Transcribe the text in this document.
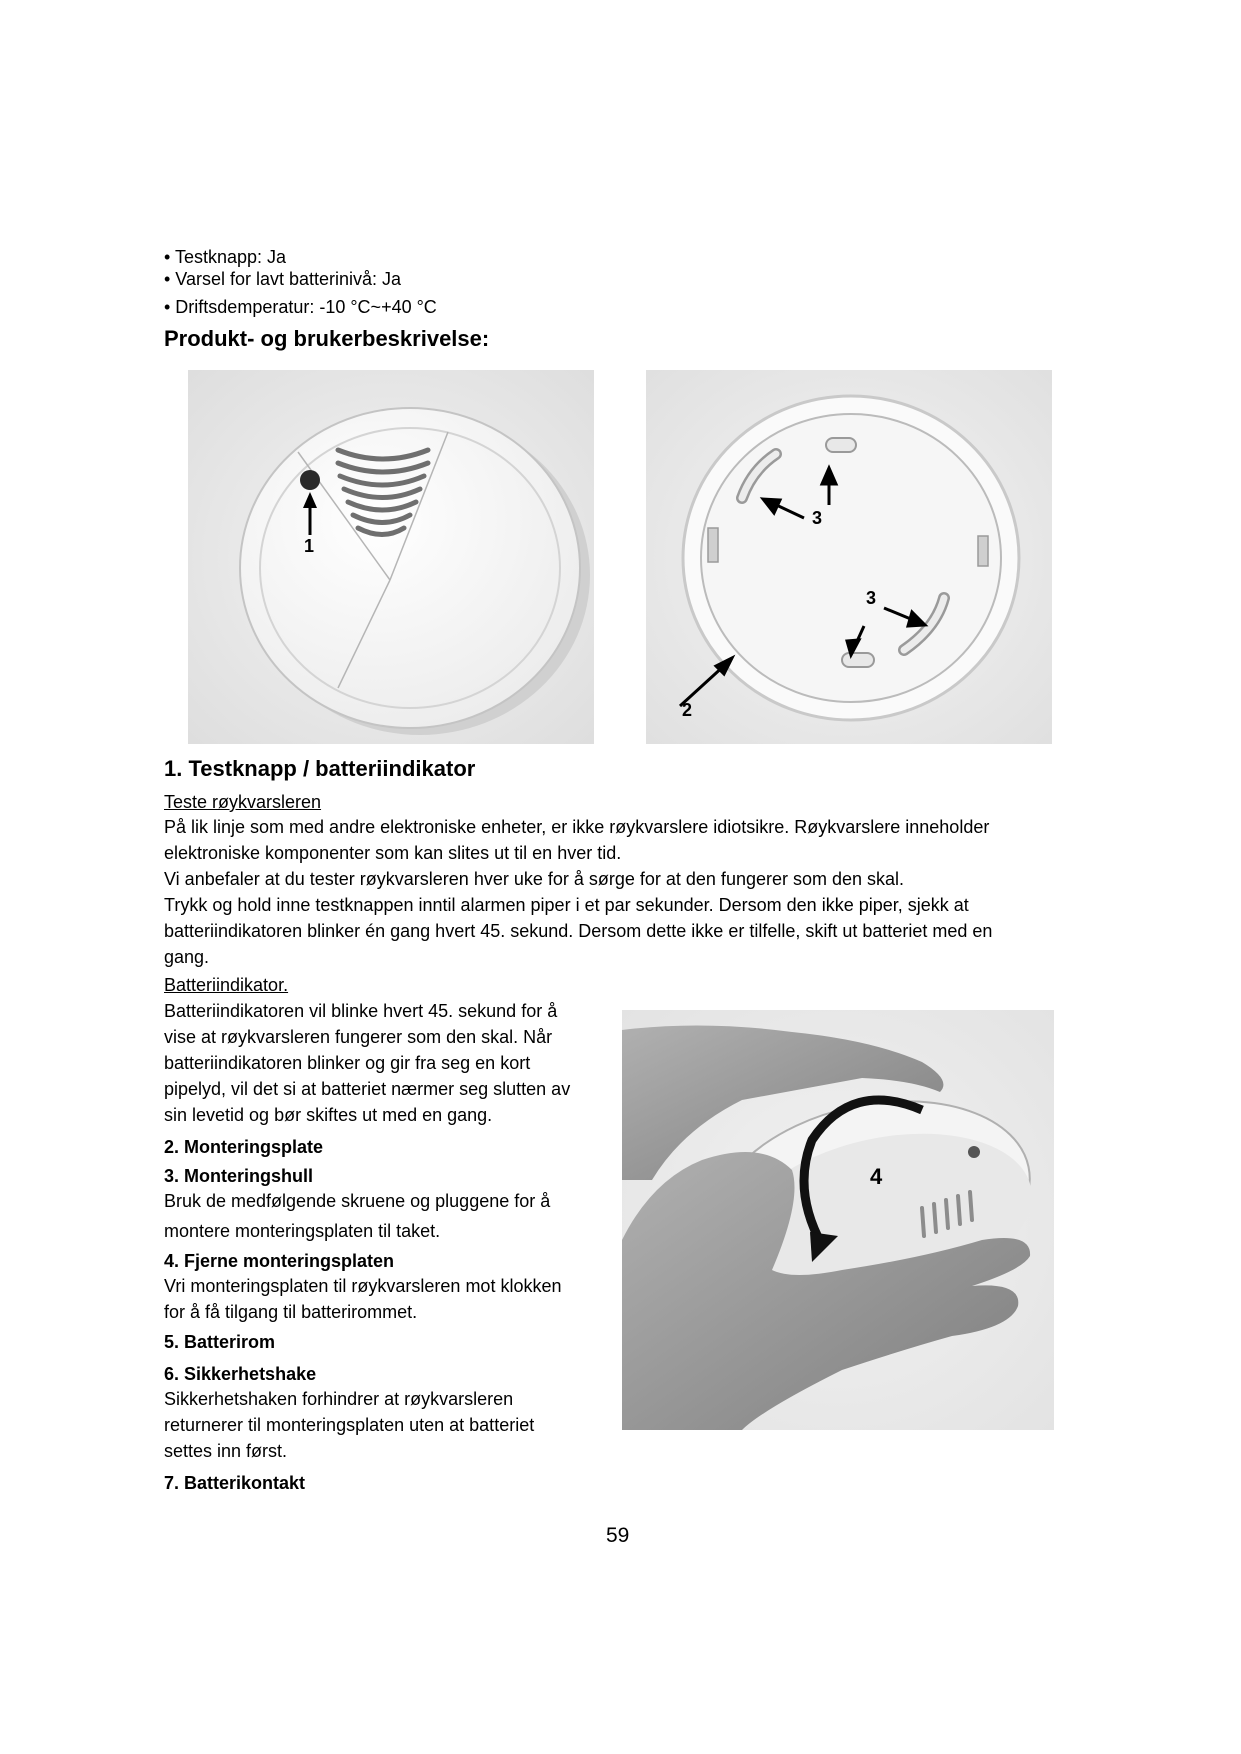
• Testknapp: Ja
• Varsel for lavt batterinivå: Ja
• Driftsdemperatur: -10 °C~+40 °C
Produkt- og brukerbeskrivelse:
1
3
3
2
1. Testknapp / batteriindikator
Teste røykvarsleren
På lik linje som med andre elektroniske enheter, er ikke røykvarslere idiotsikre. Røykvarslere inneholder
elektroniske komponenter som kan slites ut til en hver tid.
Vi anbefaler at du tester røykvarsleren hver uke for å sørge for at den fungerer som den skal.
Trykk og hold inne testknappen inntil alarmen piper i et par sekunder. Dersom den ikke piper, sjekk at
batteriindikatoren blinker én gang hvert 45. sekund. Dersom dette ikke er tilfelle, skift ut batteriet med en
gang.
Batteriindikator.
Batteriindikatoren vil blinke hvert 45. sekund for å
vise at røykvarsleren fungerer som den skal. Når
batteriindikatoren blinker og gir fra seg en kort
pipelyd, vil det si at batteriet nærmer seg slutten av
sin levetid og bør skiftes ut med en gang.
2. Monteringsplate
3. Monteringshull
Bruk de medfølgende skruene og pluggene for å
montere monteringsplaten til taket.
4. Fjerne monteringsplaten
Vri monteringsplaten til røykvarsleren mot klokken
for å få tilgang til batterirommet.
5. Batterirom
6. Sikkerhetshake
Sikkerhetshaken forhindrer at røykvarsleren
returnerer til monteringsplaten uten at batteriet
settes inn først.
7. Batterikontakt
4
59
